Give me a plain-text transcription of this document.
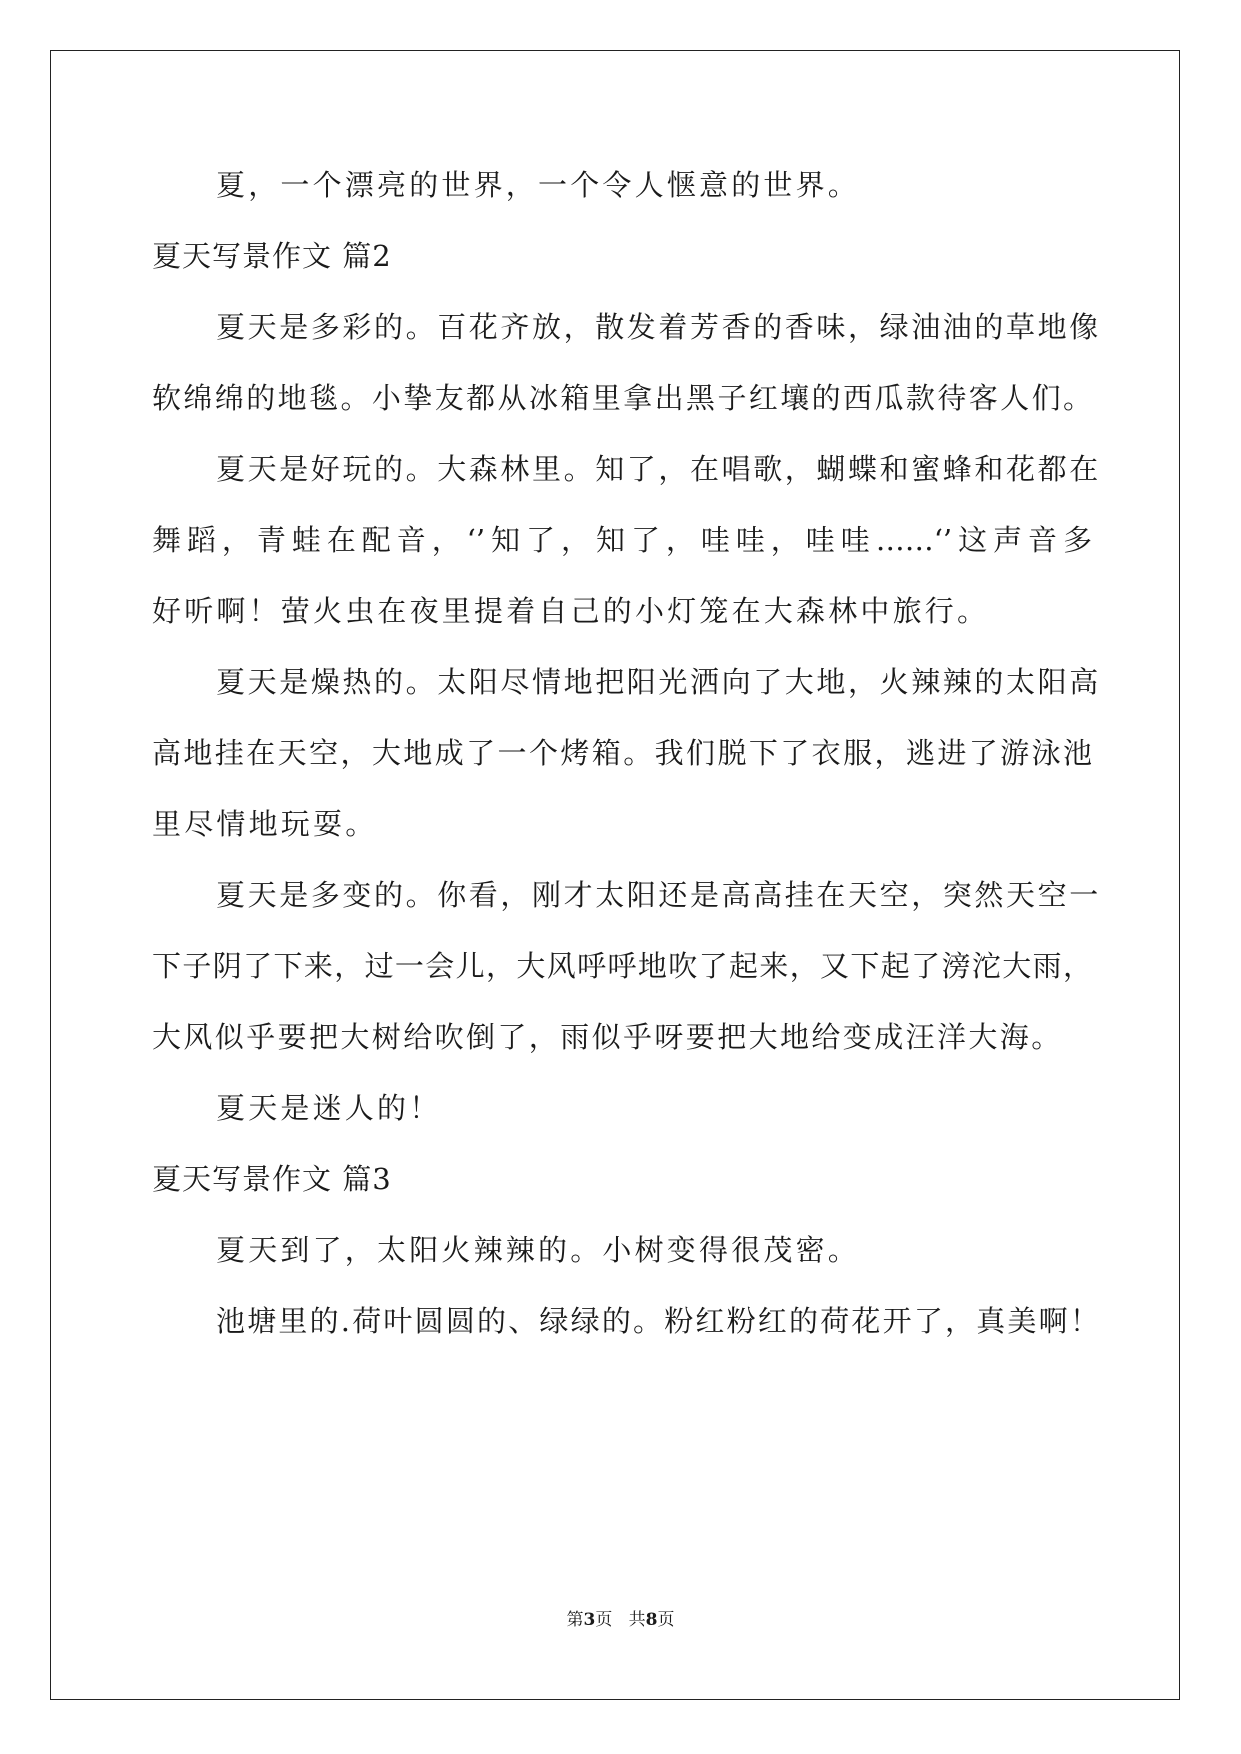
夏，一个漂亮的世界，一个令人惬意的世界。
夏天写景作文 篇2
夏天是多彩的。百花齐放，散发着芳香的香味，绿油油的草地像
软绵绵的地毯。小挚友都从冰箱里拿出黑子红壤的西瓜款待客人们。
夏天是好玩的。大森林里。知了，在唱歌，蝴蝶和蜜蜂和花都在
舞蹈，青蛙在配音，‘’知了，知了，哇哇，哇哇……‘’这声音多
好听啊！萤火虫在夜里提着自己的小灯笼在大森林中旅行。
夏天是燥热的。太阳尽情地把阳光洒向了大地，火辣辣的太阳高
高地挂在天空，大地成了一个烤箱。我们脱下了衣服，逃进了游泳池
里尽情地玩耍。
夏天是多变的。你看，刚才太阳还是高高挂在天空，突然天空一
下子阴了下来，过一会儿，大风呼呼地吹了起来，又下起了滂沱大雨，
大风似乎要把大树给吹倒了，雨似乎呀要把大地给变成汪洋大海。
夏天是迷人的！
夏天写景作文 篇3
夏天到了，太阳火辣辣的。小树变得很茂密。
池塘里的.荷叶圆圆的、绿绿的。粉红粉红的荷花开了，真美啊！
第3页 共8页
